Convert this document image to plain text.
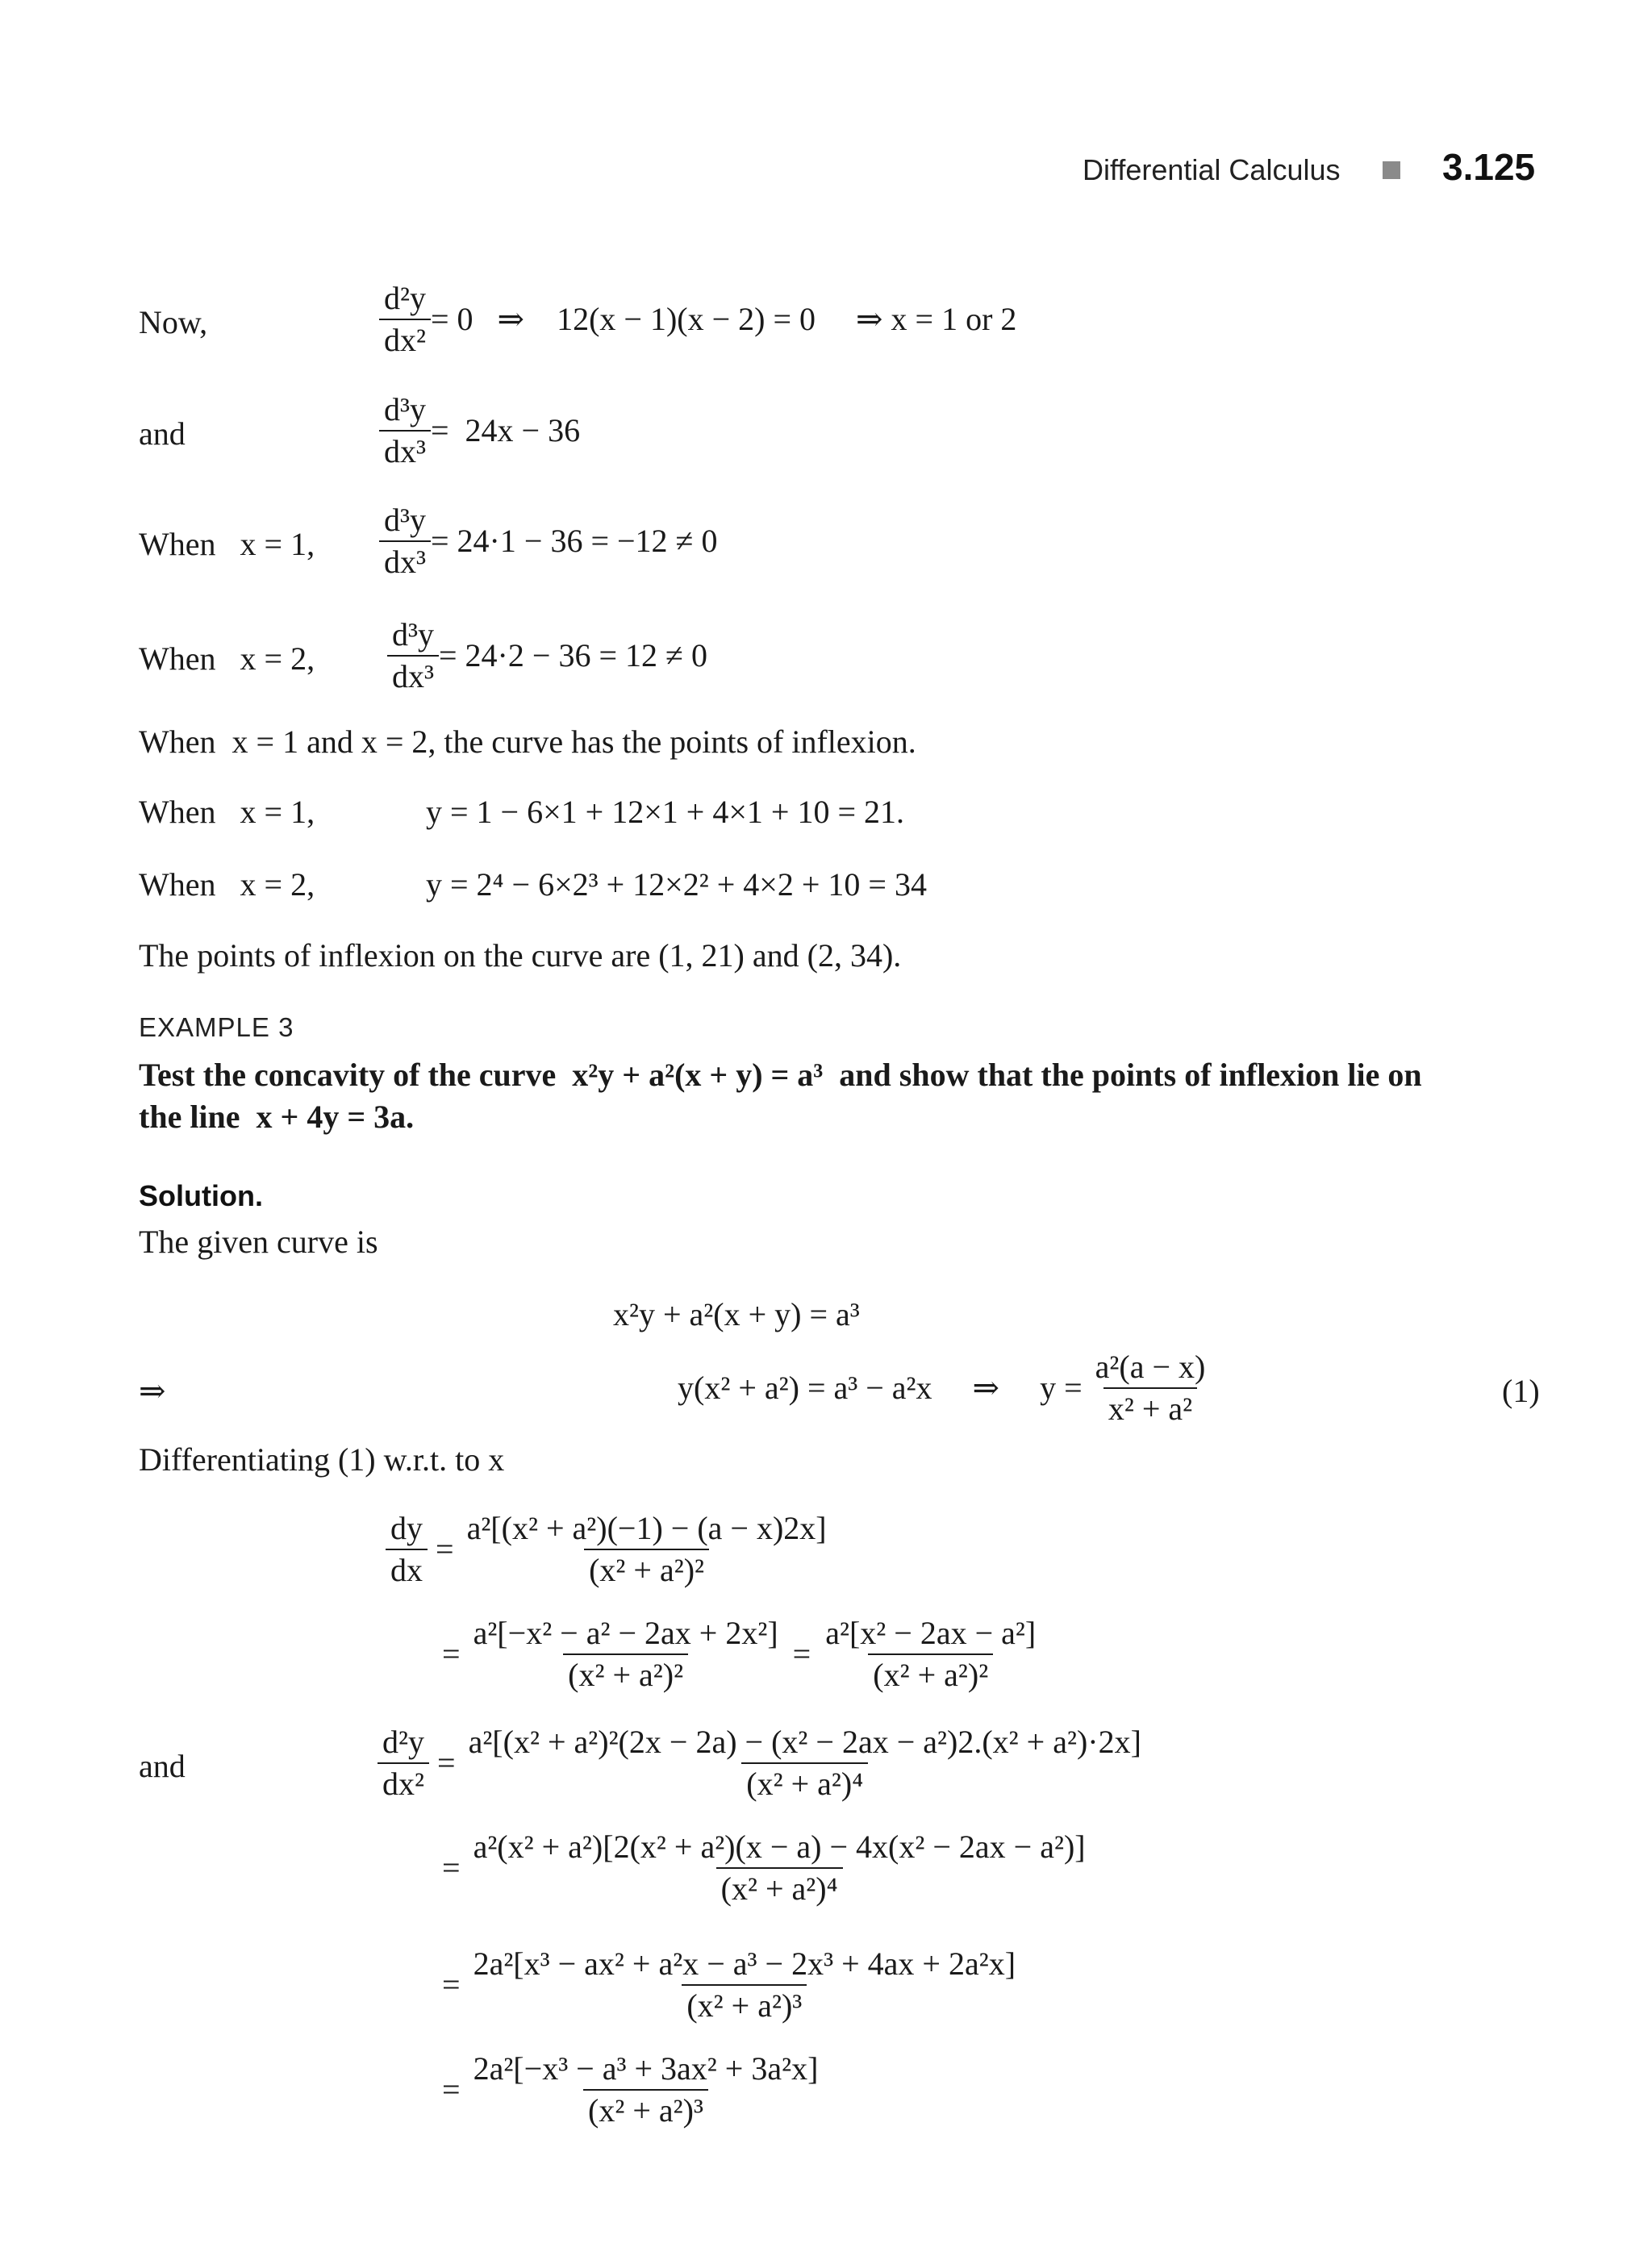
Differential Calculus	3.125
Now,	$\frac{\text{d²y}}{\text{dx²}} = 0$   ⇒    12(x − 1)(x − 2) = 0     ⇒ x = 1 or 2
and	$\frac{\text{d³y}}{\text{dx³}} = 24x - 36$
When   x = 1, $\frac{\text{d³y}}{\text{dx³}} = 24\cdot 1 - 36 = -12 \ne 0$
When   x = 2, $\frac{\text{d³y}}{\text{dx³}} = 24\cdot 2 - 36 = 12 \ne 0$
When  x = 1 and x = 2, the curve has the points of inflexion.
When   x = 1,	y = 1 − 6×1 + 12×1 + 4×1 + 10 = 21.
When   x = 2,	y = 2⁴ − 6×2³ + 12×2² + 4×2 + 10 = 34
The points of inflexion on the curve are (1, 21) and (2, 34).
EXAMPLE 3
Test the concavity of the curve  x²y + a²(x + y) = a³  and show that the points of inflexion lie on
the line  x + 4y = 3a.
Solution.
The given curve is
x²y + a²(x + y) = a³
⇒	y(x² + a²) = a³ − a²x     ⇒     $y = \frac{\text{a²(a − x)}}{\text{x² + a²}}$	(1)
Differentiating (1) w.r.t. to x
$\frac{dy}{dx} = \frac{\text{a²[(x² + a²)(−1) − (a − x)2x]}}{\text{(x² + a²)²}}$
= $\frac{\text{a²[−x² − a² − 2ax + 2x²]}}{\text{(x² + a²)²}} = \frac{\text{a²[x² − 2ax − a²]}}{\text{(x² + a²)²}}$
and	$\frac{\text{d²y}}{\text{dx²}} = \frac{\text{a²[(x² + a²)²(2x − 2a) − (x² − 2ax − a²)2.(x² + a²)·2x]}}{\text{(x² + a²)⁴}}$
= $\frac{\text{a²(x² + a²)[2(x² + a²)(x − a) − 4x(x² − 2ax − a²)]}}{\text{(x² + a²)⁴}}$
= $\frac{\text{2a²[x³ − ax² + a²x − a³ − 2x³ + 4ax + 2a²x]}}{\text{(x² + a²)³}}$
= $\frac{\text{2a²[−x³ − a³ + 3ax² + 3a²x]}}{\text{(x² + a²)³}}$
